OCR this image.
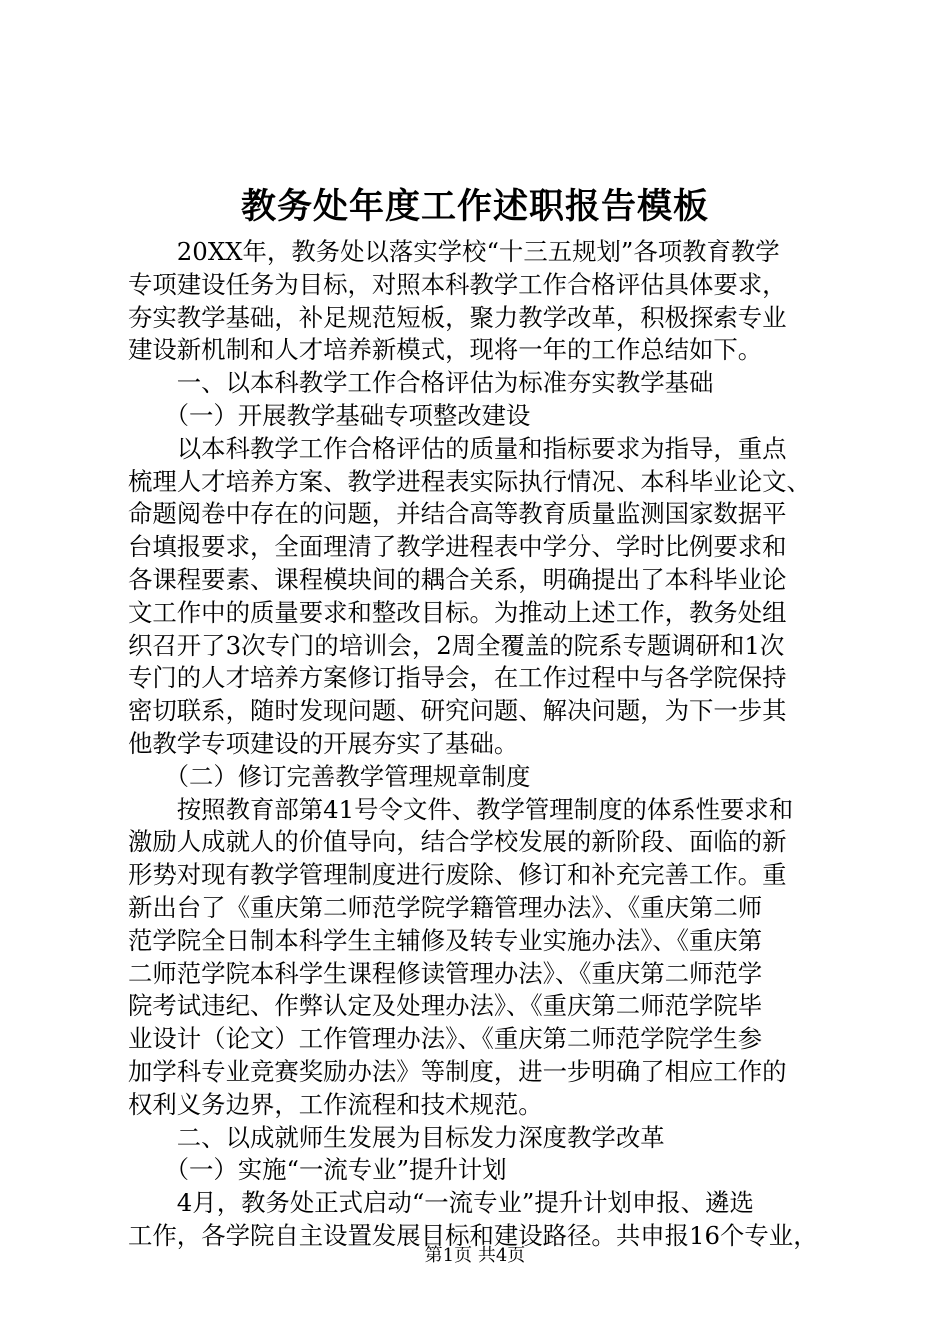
教务处年度工作述职报告模板
　　20XX年，教务处以落实学校“十三五规划”各项教育教学
专项建设任务为目标，对照本科教学工作合格评估具体要求，
夯实教学基础，补足规范短板，聚力教学改革，积极探索专业
建设新机制和人才培养新模式，现将一年的工作总结如下。
　　一、以本科教学工作合格评估为标准夯实教学基础
　　（一）开展教学基础专项整改建设
　　以本科教学工作合格评估的质量和指标要求为指导，重点
梳理人才培养方案、教学进程表实际执行情况、本科毕业论文、
命题阅卷中存在的问题，并结合高等教育质量监测国家数据平
台填报要求，全面理清了教学进程表中学分、学时比例要求和
各课程要素、课程模块间的耦合关系，明确提出了本科毕业论
文工作中的质量要求和整改目标。为推动上述工作，教务处组
织召开了3次专门的培训会，2周全覆盖的院系专题调研和1次
专门的人才培养方案修订指导会，在工作过程中与各学院保持
密切联系，随时发现问题、研究问题、解决问题，为下一步其
他教学专项建设的开展夯实了基础。
　　（二）修订完善教学管理规章制度
　　按照教育部第41号令文件、教学管理制度的体系性要求和
激励人成就人的价值导向，结合学校发展的新阶段、面临的新
形势对现有教学管理制度进行废除、修订和补充完善工作。重
新出台了《重庆第二师范学院学籍管理办法》、《重庆第二师
范学院全日制本科学生主辅修及转专业实施办法》、《重庆第
二师范学院本科学生课程修读管理办法》、《重庆第二师范学
院考试违纪、作弊认定及处理办法》、《重庆第二师范学院毕
业设计（论文）工作管理办法》、《重庆第二师范学院学生参
加学科专业竞赛奖励办法》等制度，进一步明确了相应工作的
权利义务边界，工作流程和技术规范。
　　二、以成就师生发展为目标发力深度教学改革
　　（一）实施“一流专业”提升计划
　　4月，教务处正式启动“一流专业”提升计划申报、遴选
工作，各学院自主设置发展目标和建设路径。共申报16个专业，
第1页 共4页
